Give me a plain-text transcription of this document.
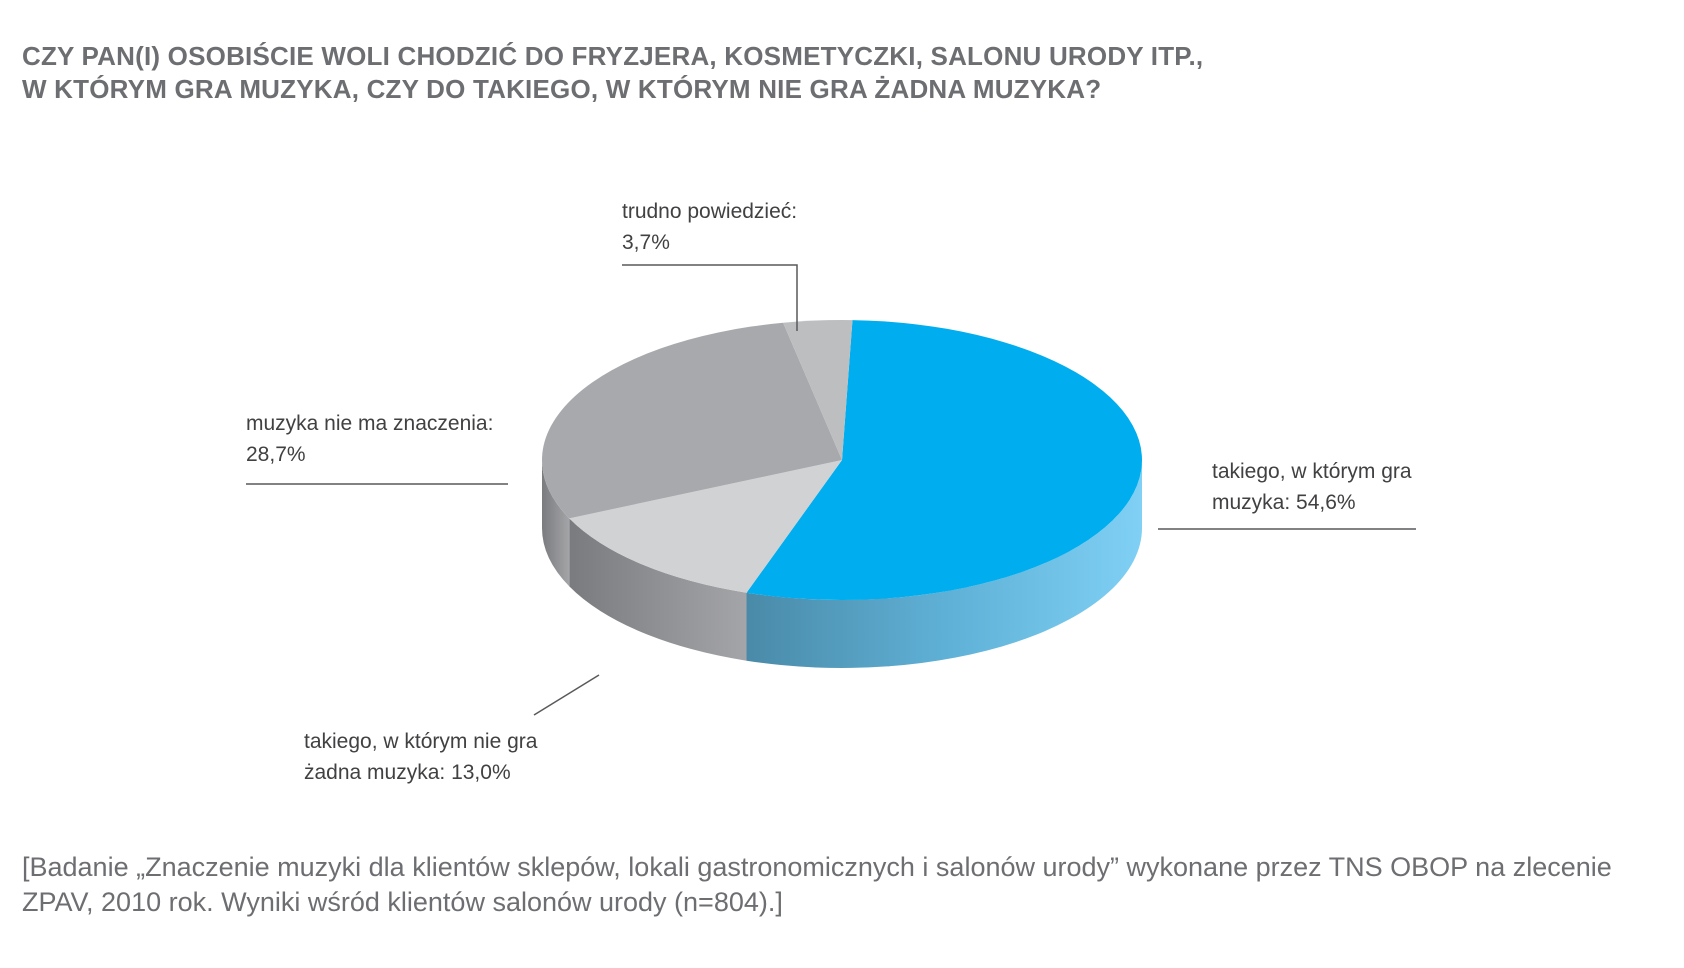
CZY PAN(I) OSOBIŚCIE WOLI CHODZIĆ DO FRYZJERA, KOSMETYCZKI, SALONU URODY ITP.,
W KTÓRYM GRA MUZYKA, CZY DO TAKIEGO, W KTÓRYM NIE GRA ŻADNA MUZYKA?
trudno powiedzieć:
3,7%
muzyka nie ma znaczenia:
28,7%
takiego, w którym gra
muzyka: 54,6%
takiego, w którym nie gra
żadna muzyka: 13,0%
[Badanie „Znaczenie muzyki dla klientów sklepów, lokali gastronomicznych i salonów urody” wykonane przez TNS OBOP na zlecenie
ZPAV, 2010 rok. Wyniki wśród klientów salonów urody (n=804).]
